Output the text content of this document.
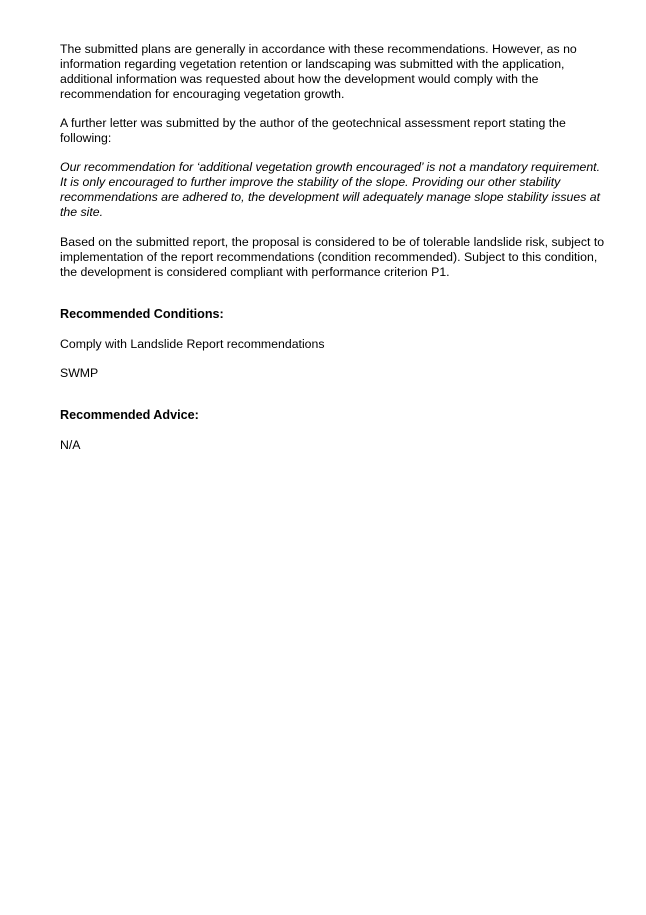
The submitted plans are generally in accordance with these recommendations. However, as no information regarding vegetation retention or landscaping was submitted with the application, additional information was requested about how the development would comply with the recommendation for encouraging vegetation growth.

A further letter was submitted by the author of the geotechnical assessment report stating the following:

Our recommendation for ‘additional vegetation growth encouraged’ is not a mandatory requirement. It is only encouraged to further improve the stability of the slope. Providing our other stability recommendations are adhered to, the development will adequately manage slope stability issues at the site.

Based on the submitted report, the proposal is considered to be of tolerable landslide risk, subject to implementation of the report recommendations (condition recommended). Subject to this condition, the development is considered compliant with performance criterion P1.

Recommended Conditions:

Comply with Landslide Report recommendations

SWMP

Recommended Advice:

N/A
